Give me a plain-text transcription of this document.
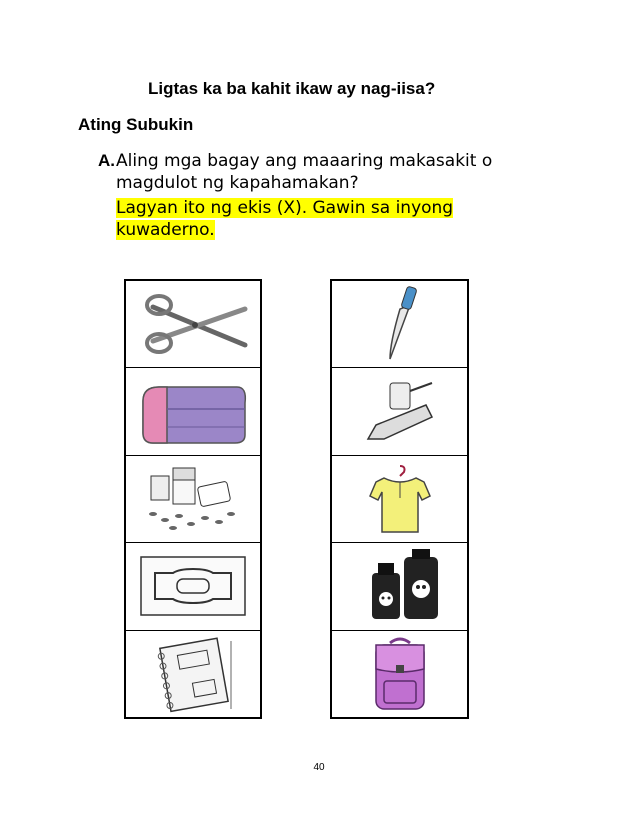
Ligtas ka ba kahit ikaw ay nag-iisa?
Ating Subukin
A. Aling mga bagay ang maaaring makasakit o
magdulot ng kapahamakan?
Lagyan ito ng ekis (X). Gawin sa inyong
kuwaderno.
40
